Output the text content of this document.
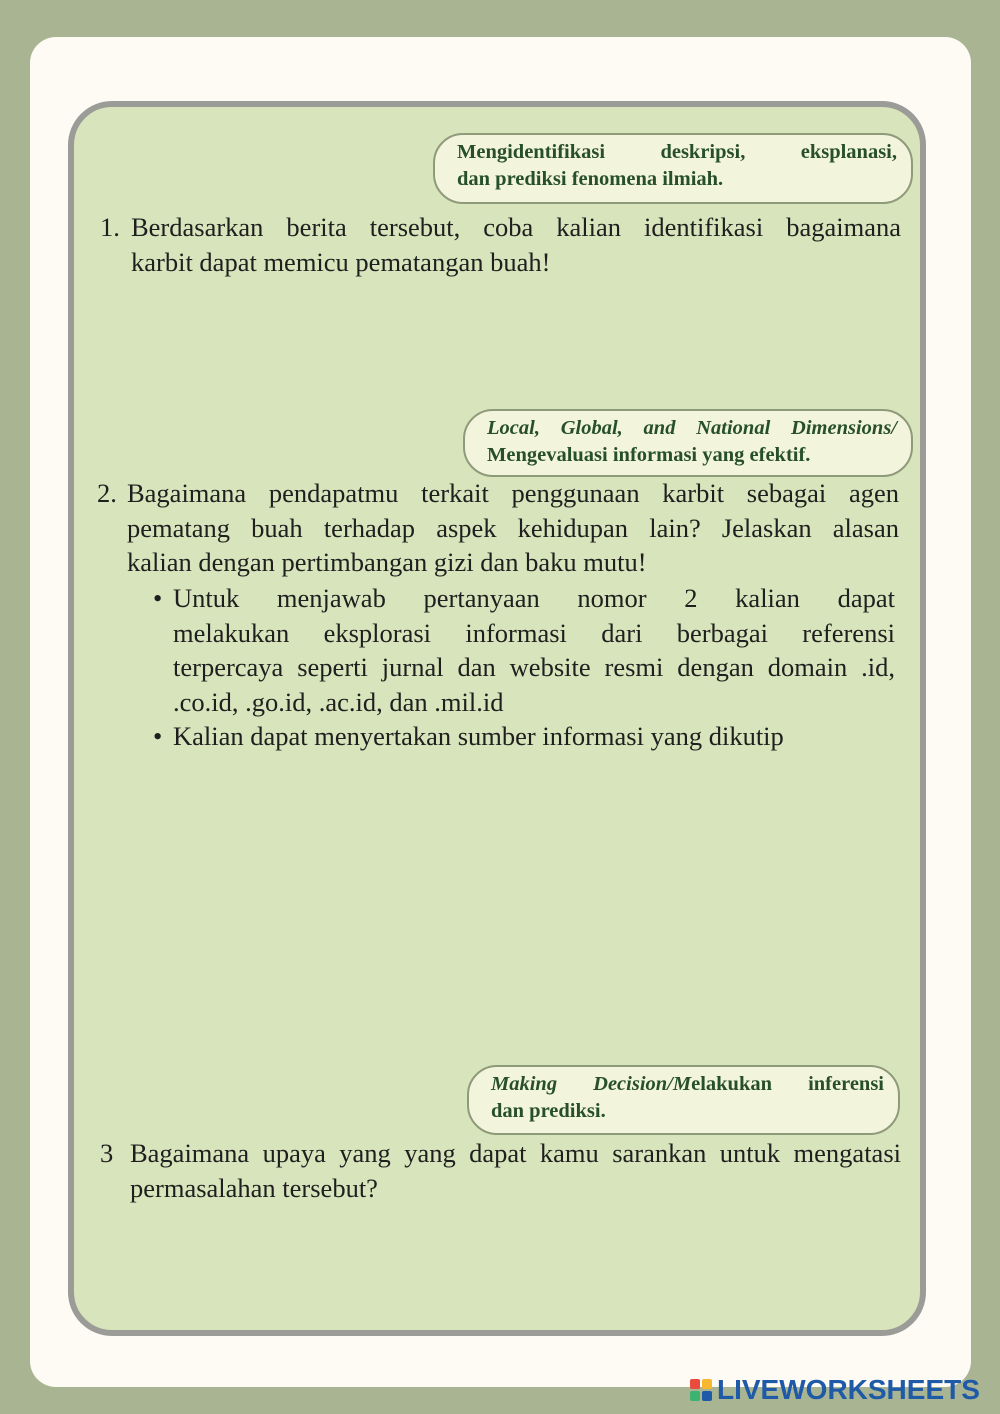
Mengidentifikasi deskripsi, eksplanasi,
dan prediksi fenomena ilmiah.
1. Berdasarkan berita tersebut, coba kalian identifikasi bagaimana
karbit dapat memicu pematangan buah!
Local, Global, and National Dimensions/
Mengevaluasi informasi yang efektif.
2. Bagaimana pendapatmu terkait penggunaan karbit sebagai agen
pematang buah terhadap aspek kehidupan lain? Jelaskan alasan
kalian dengan pertimbangan gizi dan baku mutu!
• Untuk menjawab pertanyaan nomor 2 kalian dapat
melakukan eksplorasi informasi dari berbagai referensi
terpercaya seperti jurnal dan website resmi dengan domain .id,
.co.id, .go.id, .ac.id, dan .mil.id
• Kalian dapat menyertakan sumber informasi yang dikutip
Making Decision/Melakukan inferensi
dan prediksi.
3 Bagaimana upaya yang yang dapat kamu sarankan untuk mengatasi
permasalahan tersebut?
LIVEWORKSHEETS
